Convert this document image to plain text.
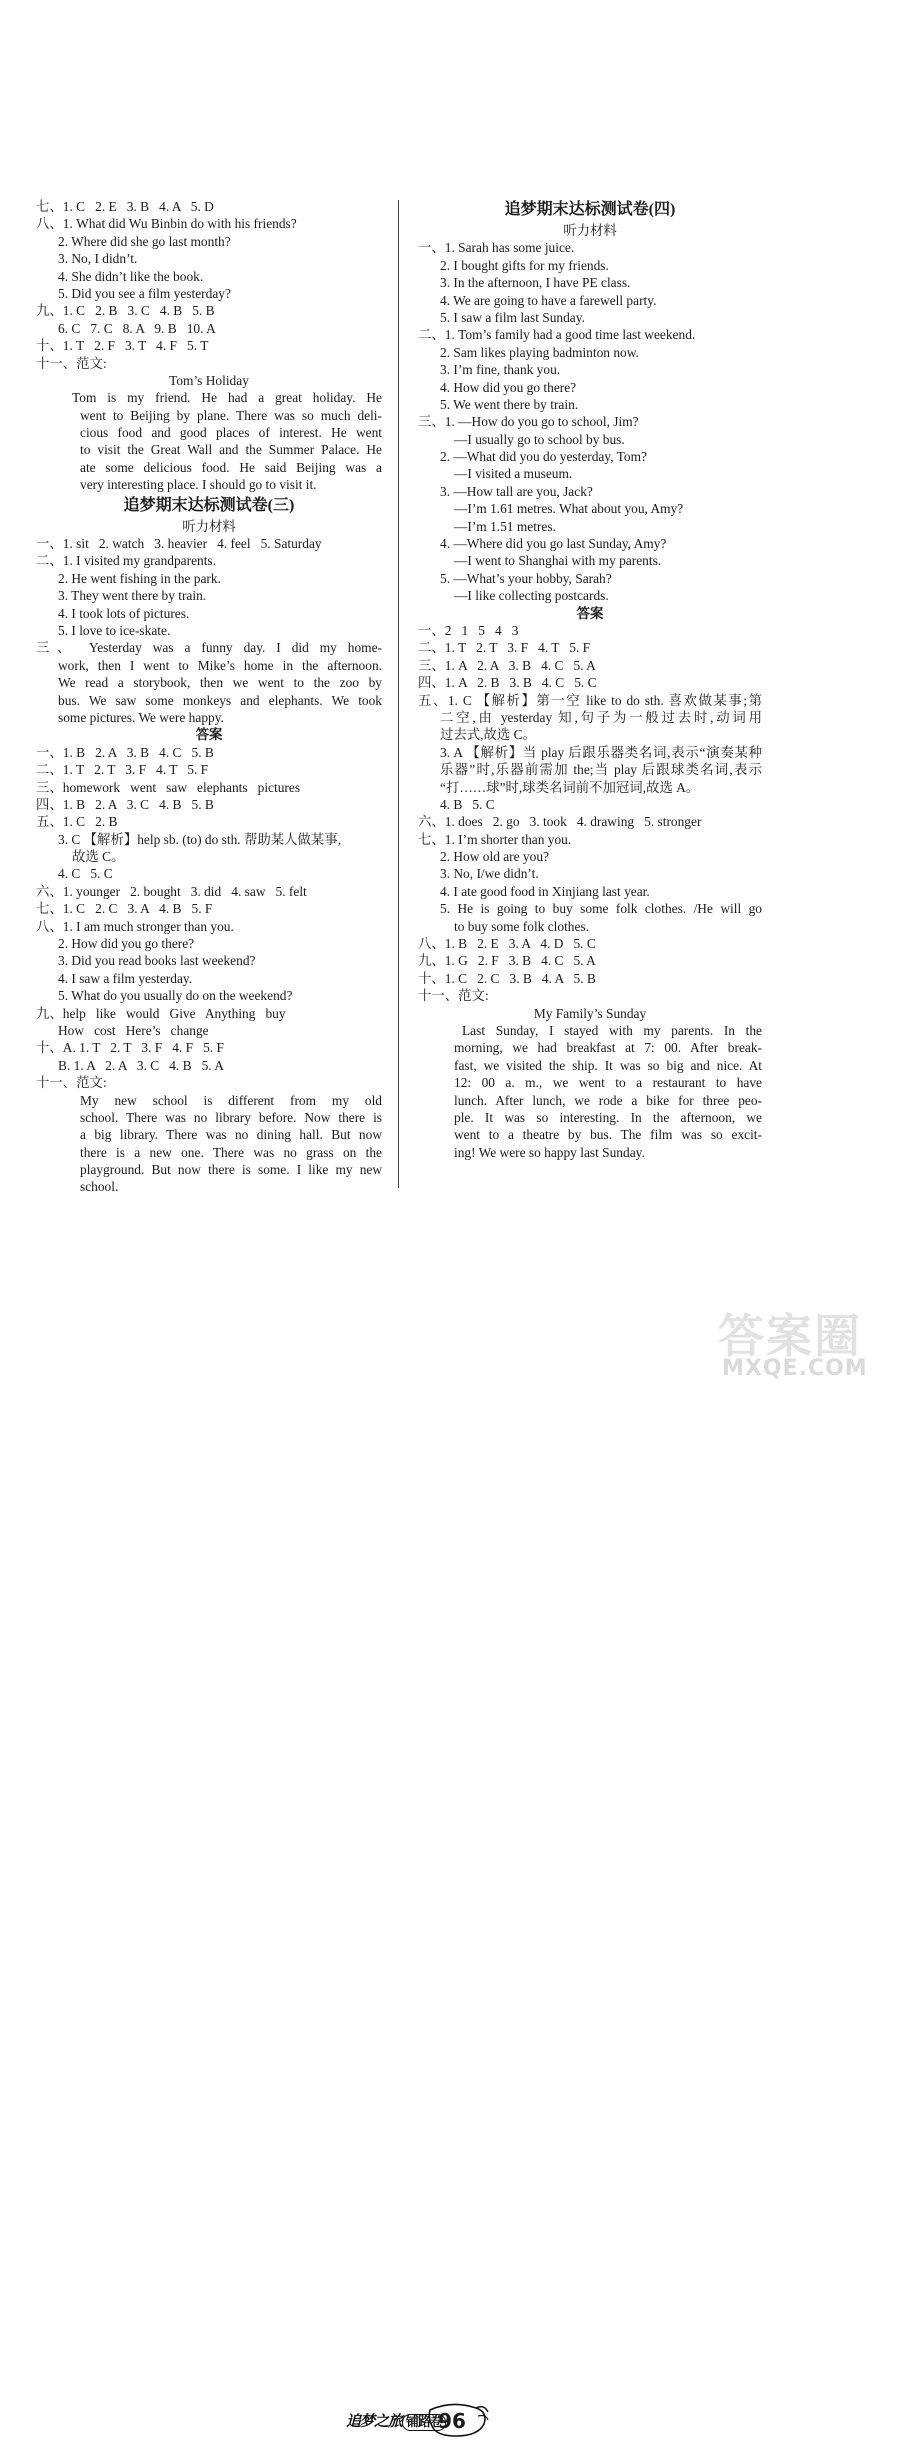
七、1. C   2. E   3. B   4. A   5. D
八、1. What did Wu Binbin do with his friends?
2. Where did she go last month?
3. No, I didn’t.
4. She didn’t like the book.
5. Did you see a film yesterday?
九、1. C   2. B   3. C   4. B   5. B
6. C   7. C   8. A   9. B   10. A
十、1. T   2. F   3. T   4. F   5. T
十一、范文:
Tom’s Holiday
Tom is my friend. He had a great holiday. He
went to Beijing by plane. There was so much deli-
cious food and good places of interest. He went
to visit the Great Wall and the Summer Palace. He
ate some delicious food. He said Beijing was a
very interesting place. I should go to visit it.
追梦期末达标测试卷(三)
听力材料
一、1. sit   2. watch   3. heavier   4. feel   5. Saturday
二、1. I visited my grandparents.
2. He went fishing in the park.
3. They went there by train.
4. I took lots of pictures.
5. I love to ice-skate.
三、 Yesterday was a funny day. I did my home-
work, then I went to Mike’s home in the afternoon.
We read a storybook, then we went to the zoo by
bus. We saw some monkeys and elephants. We took
some pictures. We were happy.
答案
一、1. B   2. A   3. B   4. C   5. B
二、1. T   2. T   3. F   4. T   5. F
三、homework   went   saw   elephants   pictures
四、1. B   2. A   3. C   4. B   5. B
五、1. C   2. B
3. C 【解析】help sb. (to) do sth. 帮助某人做某事,
故选 C。
4. C   5. C
六、1. younger   2. bought   3. did   4. saw   5. felt
七、1. C   2. C   3. A   4. B   5. F
八、1. I am much stronger than you.
2. How did you go there?
3. Did you read books last weekend?
4. I saw a film yesterday.
5. What do you usually do on the weekend?
九、help   like   would   Give   Anything   buy
How   cost   Here’s   change
十、A. 1. T   2. T   3. F   4. F   5. F
B. 1. A   2. A   3. C   4. B   5. A
十一、范文:
My new school is different from my old
school. There was no library before. Now there is
a big library. There was no dining hall. But now
there is a new one. There was no grass on the
playground. But now there is some. I like my new
school.
追梦期末达标测试卷(四)
听力材料
一、1. Sarah has some juice.
2. I bought gifts for my friends.
3. In the afternoon, I have PE class.
4. We are going to have a farewell party.
5. I saw a film last Sunday.
二、1. Tom’s family had a good time last weekend.
2. Sam likes playing badminton now.
3. I’m fine, thank you.
4. How did you go there?
5. We went there by train.
三、1. —How do you go to school, Jim?
—I usually go to school by bus.
2. —What did you do yesterday, Tom?
—I visited a museum.
3. —How tall are you, Jack?
—I’m 1.61 metres. What about you, Amy?
—I’m 1.51 metres.
4. —Where did you go last Sunday, Amy?
—I went to Shanghai with my parents.
5. —What’s your hobby, Sarah?
—I like collecting postcards.
答案
一、2   1   5   4   3
二、1. T   2. T   3. F   4. T   5. F
三、1. A   2. A   3. B   4. C   5. A
四、1. A   2. B   3. B   4. C   5. C
五、1. C 【解析】第一空 like to do sth. 喜欢做某事;第
二空,由 yesterday 知,句子为一般过去时,动词用
过去式,故选 C。
3. A 【解析】当 play 后跟乐器类名词,表示“演奏某种
乐器”时,乐器前需加 the;当 play 后跟球类名词,表示
“打……球”时,球类名词前不加冠词,故选 A。
4. B   5. C
六、1. does   2. go   3. took   4. drawing   5. stronger
七、1. I’m shorter than you.
2. How old are you?
3. No, I/we didn’t.
4. I ate good food in Xinjiang last year.
5. He is going to buy some folk clothes. /He will go
to buy some folk clothes.
八、1. B   2. E   3. A   4. D   5. C
九、1. G   2. F   3. B   4. C   5. A
十、1. C   2. C   3. B   4. A   5. B
十一、范文:
My Family’s Sunday
Last Sunday, I stayed with my parents. In the
morning, we had breakfast at 7: 00. After break-
fast, we visited the ship. It was so big and nice. At
12: 00 a. m., we went to a restaurant to have
lunch. After lunch, we rode a bike for three peo-
ple. It was so interesting. In the afternoon, we
went to a theatre by bus. The film was so excit-
ing! We were so happy last Sunday.
追梦之旅 铺路卷
96
答案圈
MXQE.COM
